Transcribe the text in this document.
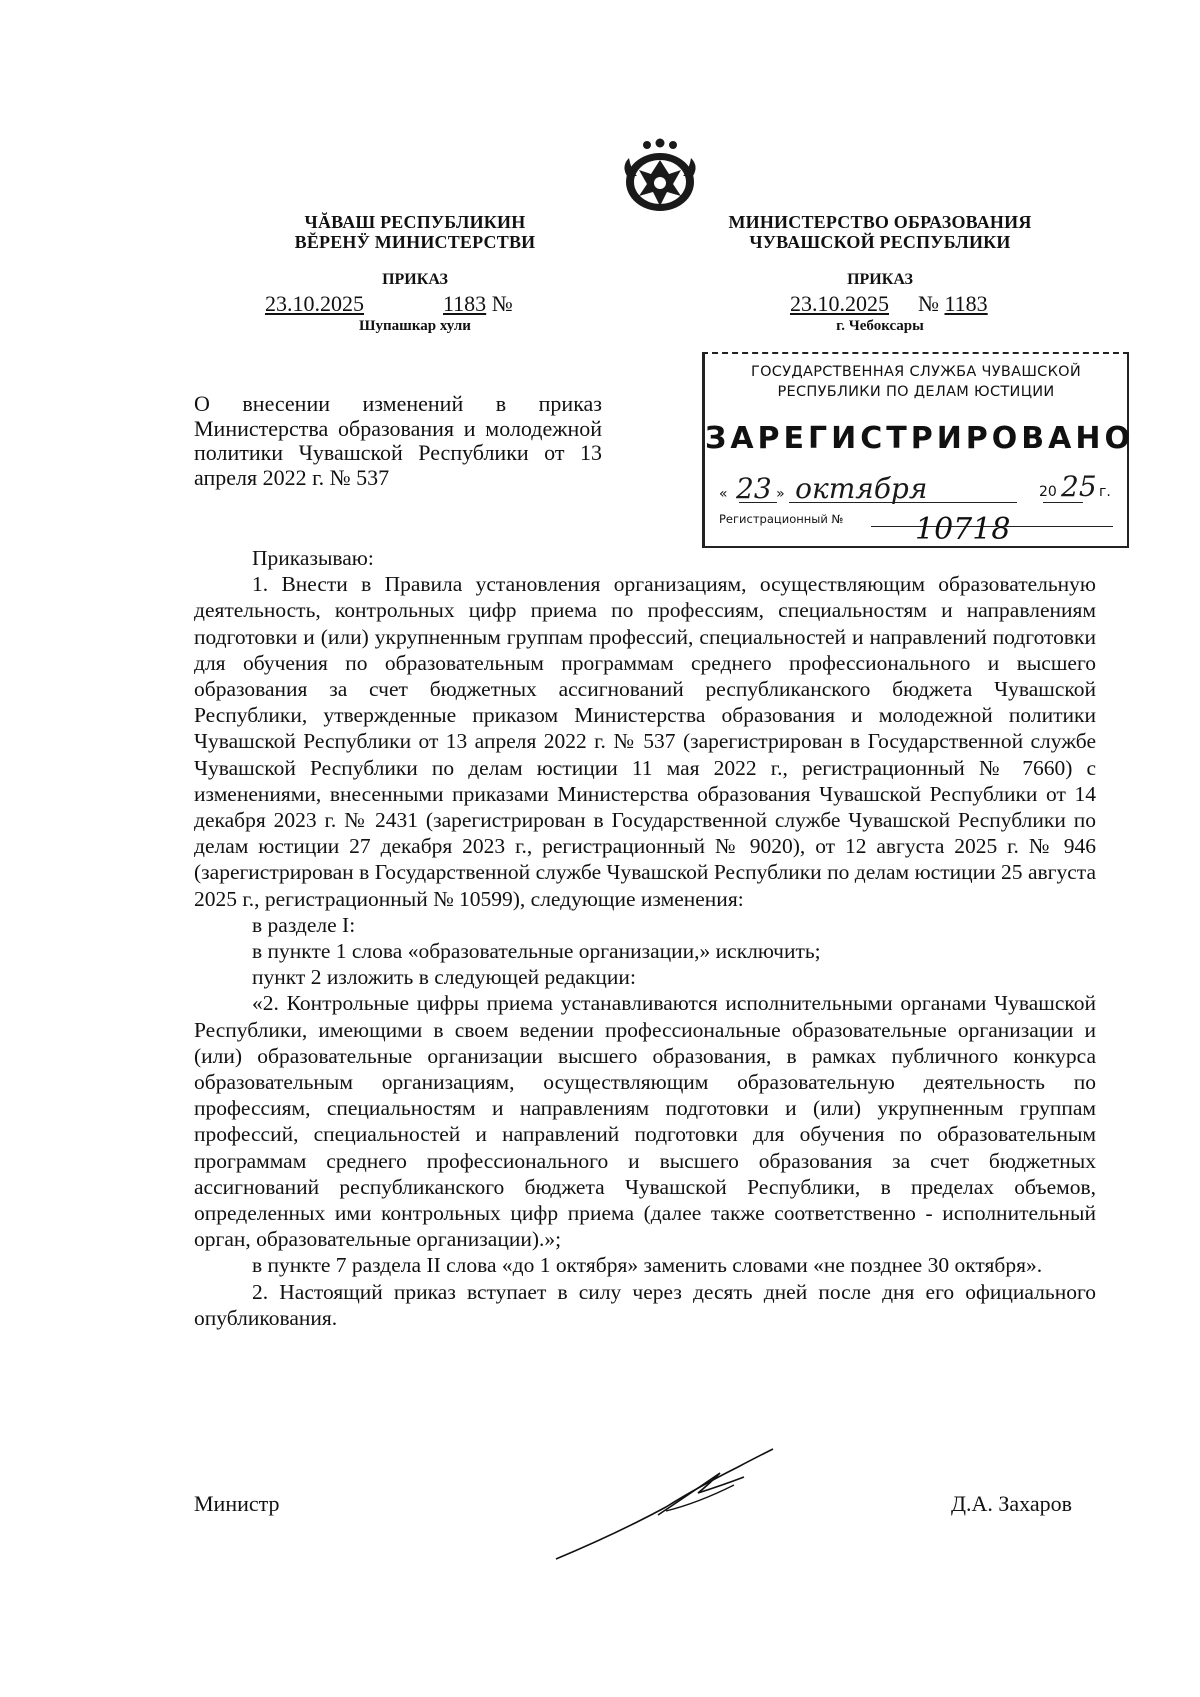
ЧĂВАШ РЕСПУБЛИКИН
ВĔРЕНӰ МИНИСТЕРСТВИ
ПРИКАЗ
23.10.2025	1183 №
Шупашкар хули
МИНИСТЕРСТВО ОБРАЗОВАНИЯ
ЧУВАШСКОЙ РЕСПУБЛИКИ
ПРИКАЗ
23.10.2025 № 1183
г. Чебоксары
ГОСУДАРСТВЕННАЯ СЛУЖБА ЧУВАШСКОЙ
РЕСПУБЛИКИ ПО ДЕЛАМ ЮСТИЦИИ
ЗАРЕГИСТРИРОВАНО
« 23 » октября	20 25 г.
Регистрационный № 10718
О внесении изменений в приказ Министерства образования и молодежной политики Чувашской Республики от 13 апреля 2022 г. № 537

Приказываю:

1. Внести в Правила установления организациям, осуществляющим образовательную деятельность, контрольных цифр приема по профессиям, специальностям и направлениям подготовки и (или) укрупненным группам профессий, специальностей и направлений подготовки для обучения по образовательным программам среднего профессионального и высшего образования за счет бюджетных ассигнований республиканского бюджета Чувашской Республики, утвержденные приказом Министерства образования и молодежной политики Чувашской Республики от 13 апреля 2022 г. № 537 (зарегистрирован в Государственной службе Чувашской Республики по делам юстиции 11 мая 2022 г., регистрационный № 7660) с изменениями, внесенными приказами Министерства образования Чувашской Республики от 14 декабря 2023 г. № 2431 (зарегистрирован в Государственной службе Чувашской Республики по делам юстиции 27 декабря 2023 г., регистрационный № 9020), от 12 августа 2025 г. № 946 (зарегистрирован в Государственной службе Чувашской Республики по делам юстиции 25 августа 2025 г., регистрационный № 10599), следующие изменения:

в разделе I:

в пункте 1 слова «образовательные организации,» исключить;

пункт 2 изложить в следующей редакции:

«2. Контрольные цифры приема устанавливаются исполнительными органами Чувашской Республики, имеющими в своем ведении профессиональные образовательные организации и (или) образовательные организации высшего образования, в рамках публичного конкурса образовательным организациям, осуществляющим образовательную деятельность по профессиям, специальностям и направлениям подготовки и (или) укрупненным группам профессий, специальностей и направлений подготовки для обучения по образовательным программам среднего профессионального и высшего образования за счет бюджетных ассигнований республиканского бюджета Чувашской Республики, в пределах объемов, определенных ими контрольных цифр приема (далее также соответственно - исполнительный орган, образовательные организации).»;

в пункте 7 раздела II слова «до 1 октября» заменить словами «не позднее 30 октября».

2. Настоящий приказ вступает в силу через десять дней после дня его официального опубликования.

Министр	Д.А. Захаров
